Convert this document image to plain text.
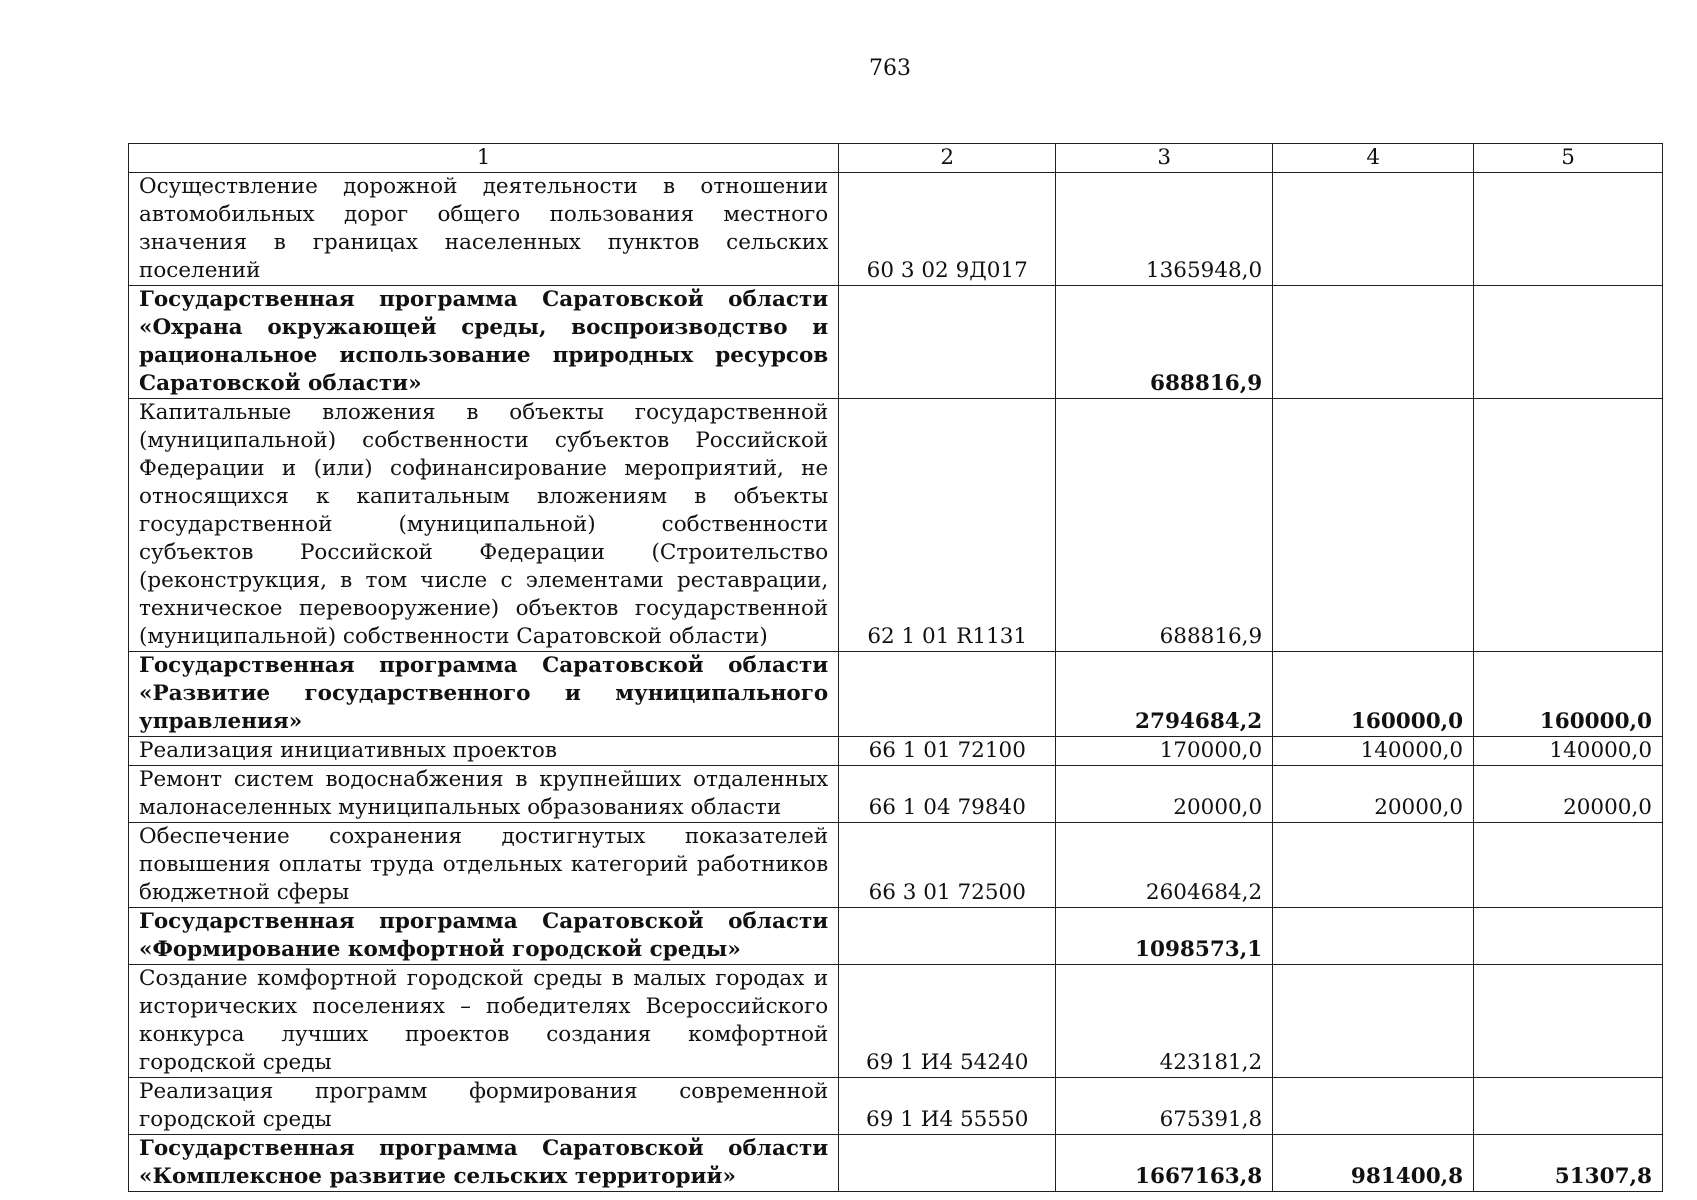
763
1	2	3	4	5
Осуществление дорожной деятельности в отношении автомобильных дорог общего пользования местного значения в границах населенных пунктов сельских поселений	60 3 02 9Д017	1365948,0		
Государственная программа Саратовской области «Охрана окружающей среды, воспроизводство и рациональное использование природных ресурсов Саратовской области»		688816,9		
Капитальные вложения в объекты государственной (муниципальной) собственности субъектов Российской Федерации и (или) софинансирование мероприятий, не относящихся к капитальным вложениям в объекты государственной (муниципальной) собственности субъектов Российской Федерации (Строительство (реконструкция, в том числе с элементами реставрации, техническое перевооружение) объектов государственной (муниципальной) собственности Саратовской области)	62 1 01 R1131	688816,9		
Государственная программа Саратовской области «Развитие государственного и муниципального управления»		2794684,2	160000,0	160000,0
Реализация инициативных проектов	66 1 01 72100	170000,0	140000,0	140000,0
Ремонт систем водоснабжения в крупнейших отдаленных малонаселенных муниципальных образованиях области	66 1 04 79840	20000,0	20000,0	20000,0
Обеспечение сохранения достигнутых показателей повышения оплаты труда отдельных категорий работников бюджетной сферы	66 3 01 72500	2604684,2		
Государственная программа Саратовской области «Формирование комфортной городской среды»		1098573,1		
Создание комфортной городской среды в малых городах и исторических поселениях – победителях Всероссийского конкурса лучших проектов создания комфортной городской среды	69 1 И4 54240	423181,2		
Реализация программ формирования современной городской среды	69 1 И4 55550	675391,8		
Государственная программа Саратовской области «Комплексное развитие сельских территорий»		1667163,8	981400,8	51307,8
